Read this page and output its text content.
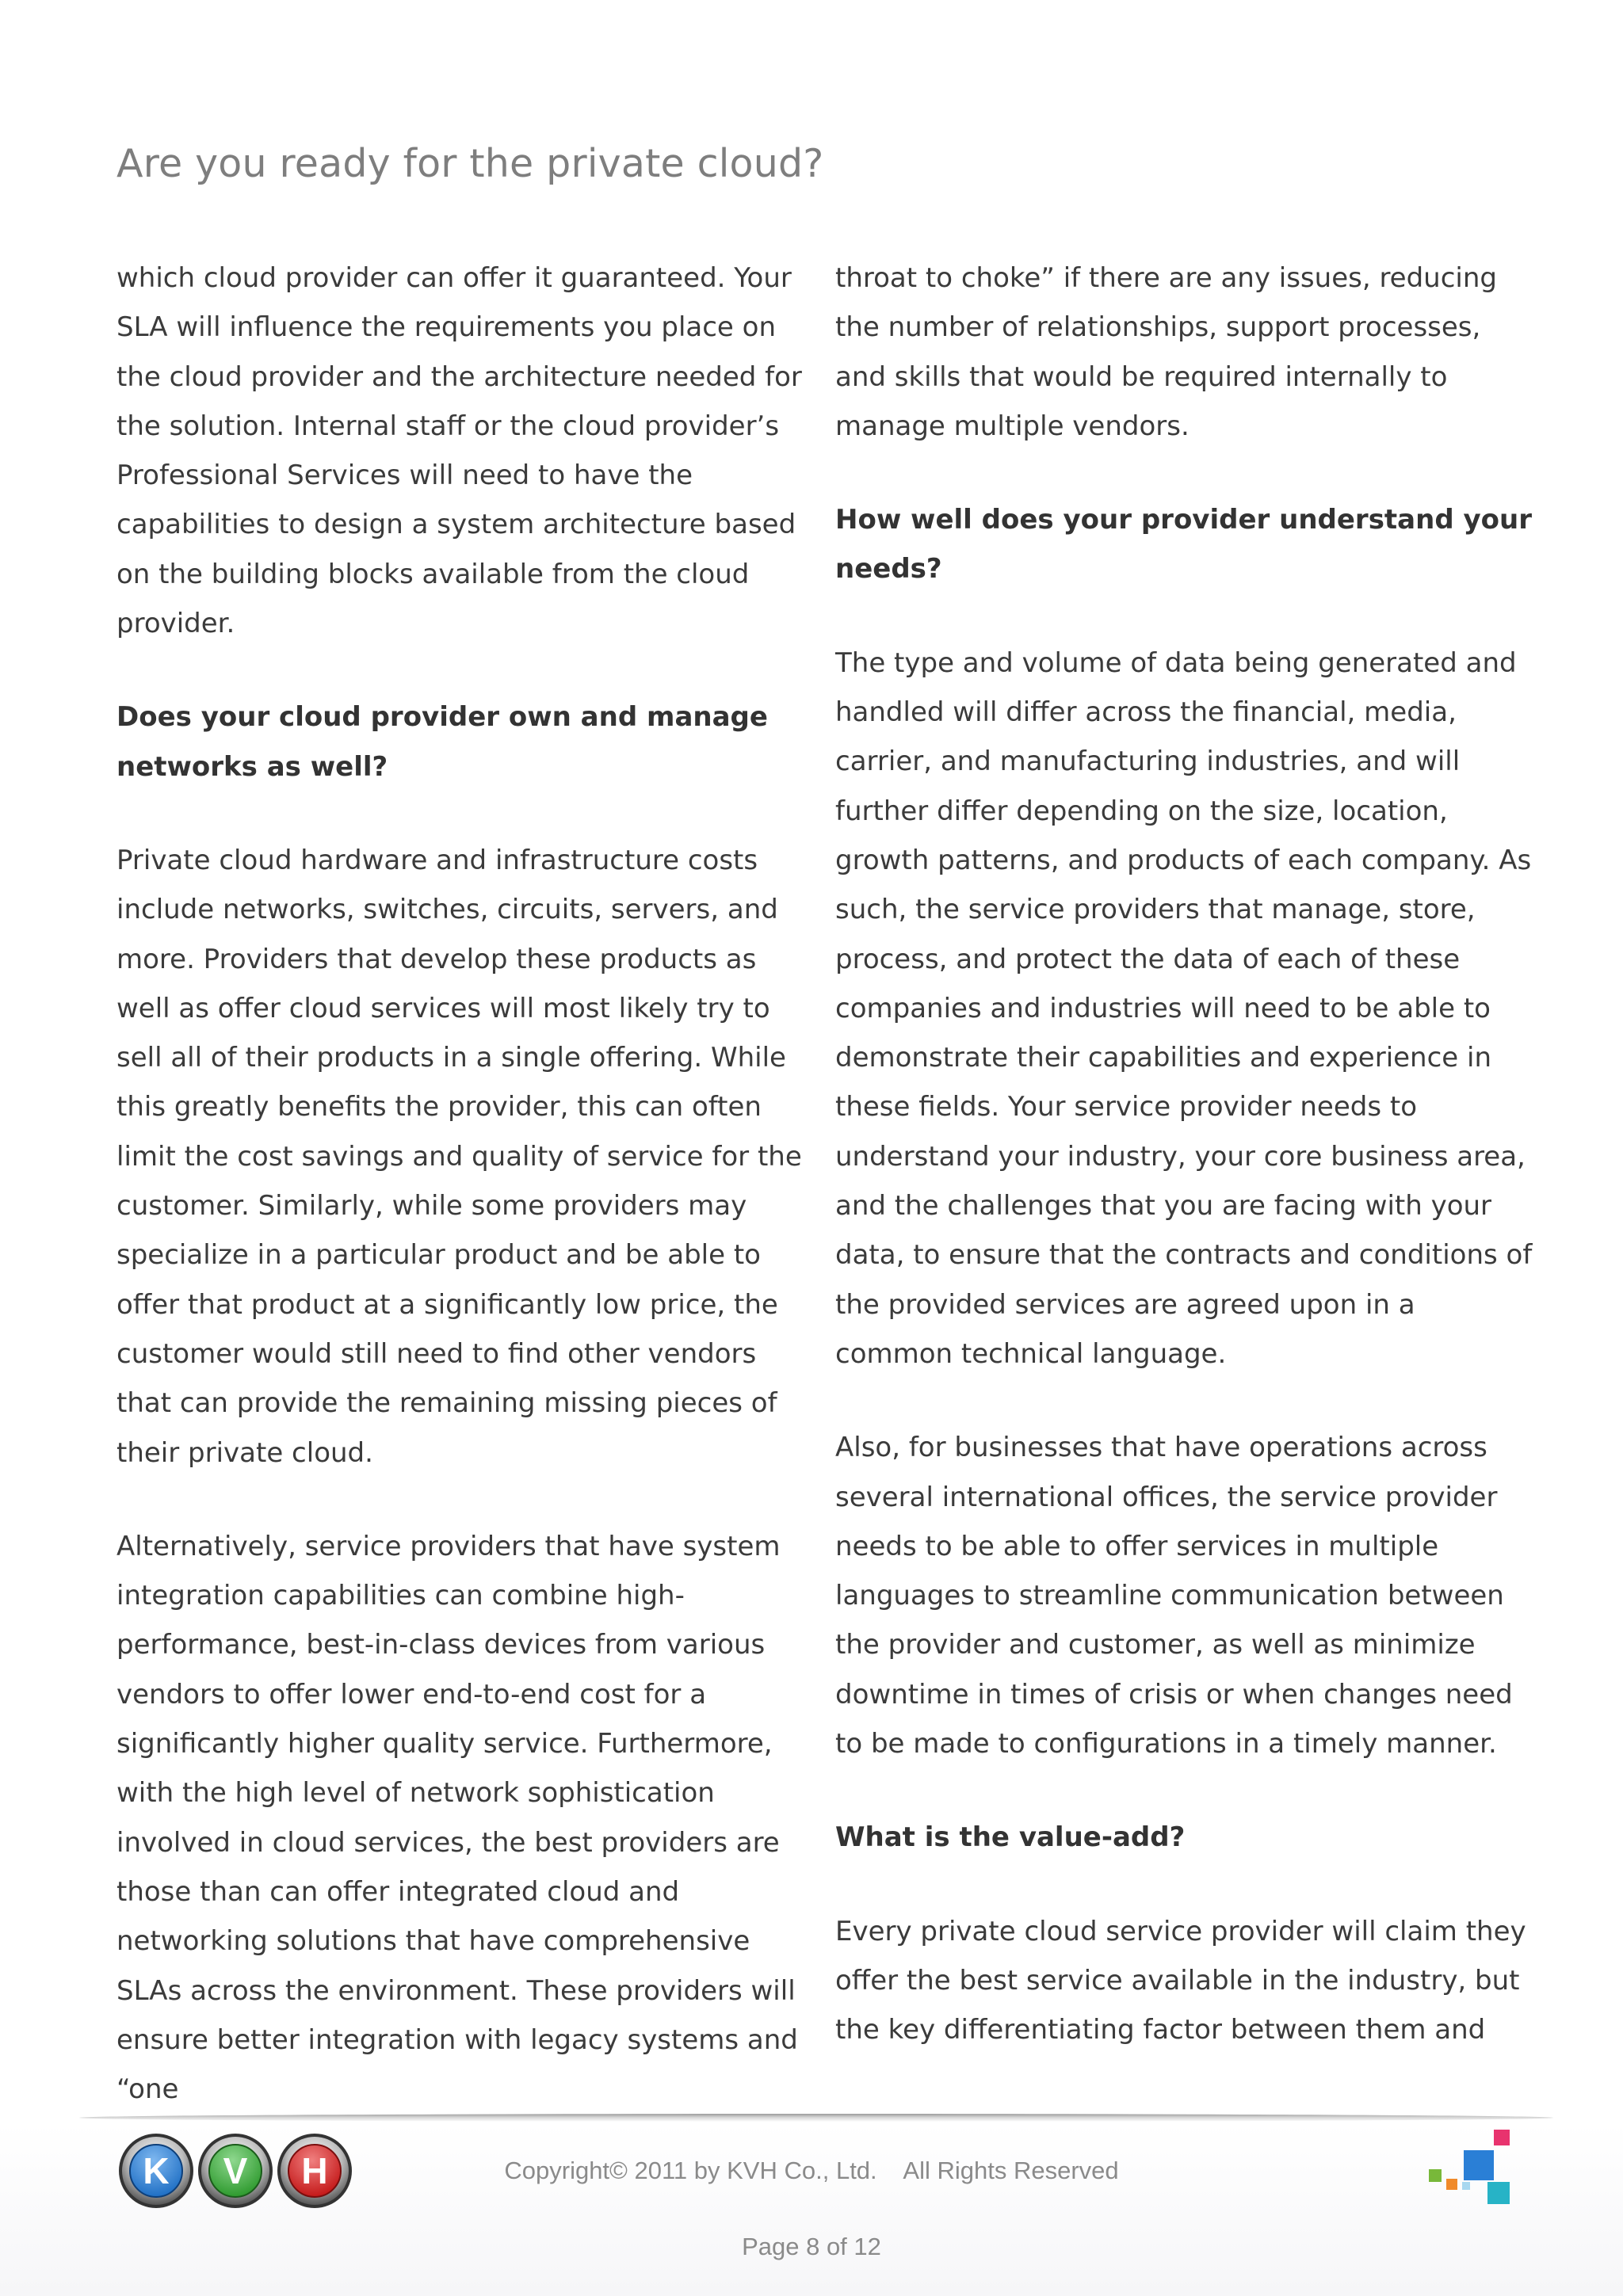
Are you ready for the private cloud?

which cloud provider can offer it guaranteed. Your SLA will influence the requirements you place on the cloud provider and the architecture needed for the solution. Internal staff or the cloud provider’s Professional Services will need to have the capabilities to design a system architecture based on the building blocks available from the cloud provider.

Does your cloud provider own and manage networks as well?

Private cloud hardware and infrastructure costs include networks, switches, circuits, servers, and more. Providers that develop these products as well as offer cloud services will most likely try to sell all of their products in a single offering. While this greatly benefits the provider, this can often limit the cost savings and quality of service for the customer. Similarly, while some providers may specialize in a particular product and be able to offer that product at a significantly low price, the customer would still need to find other vendors that can provide the remaining missing pieces of their private cloud.

Alternatively, service providers that have system integration capabilities can combine high-performance, best-in-class devices from various vendors to offer lower end-to-end cost for a significantly higher quality service. Furthermore, with the high level of network sophistication involved in cloud services, the best providers are those than can offer integrated cloud and networking solutions that have comprehensive SLAs across the environment. These providers will ensure better integration with legacy systems and “one

throat to choke” if there are any issues, reducing the number of relationships, support processes, and skills that would be required internally to manage multiple vendors.

How well does your provider understand your needs?

The type and volume of data being generated and handled will differ across the financial, media, carrier, and manufacturing industries, and will further differ depending on the size, location, growth patterns, and products of each company. As such, the service providers that manage, store, process, and protect the data of each of these companies and industries will need to be able to demonstrate their capabilities and experience in these fields. Your service provider needs to understand your industry, your core business area, and the challenges that you are facing with your data, to ensure that the contracts and conditions of the provided services are agreed upon in a common technical language.

Also, for businesses that have operations across several international offices, the service provider needs to be able to offer services in multiple languages to streamline communication between the provider and customer, as well as minimize downtime in times of crisis or when changes need to be made to configurations in a timely manner.

What is the value-add?

Every private cloud service provider will claim they offer the best service available in the industry, but the key differentiating factor between them and

K V H	Copyright© 2011 by KVH Co., Ltd.    All Rights Reserved
Page 8 of 12
